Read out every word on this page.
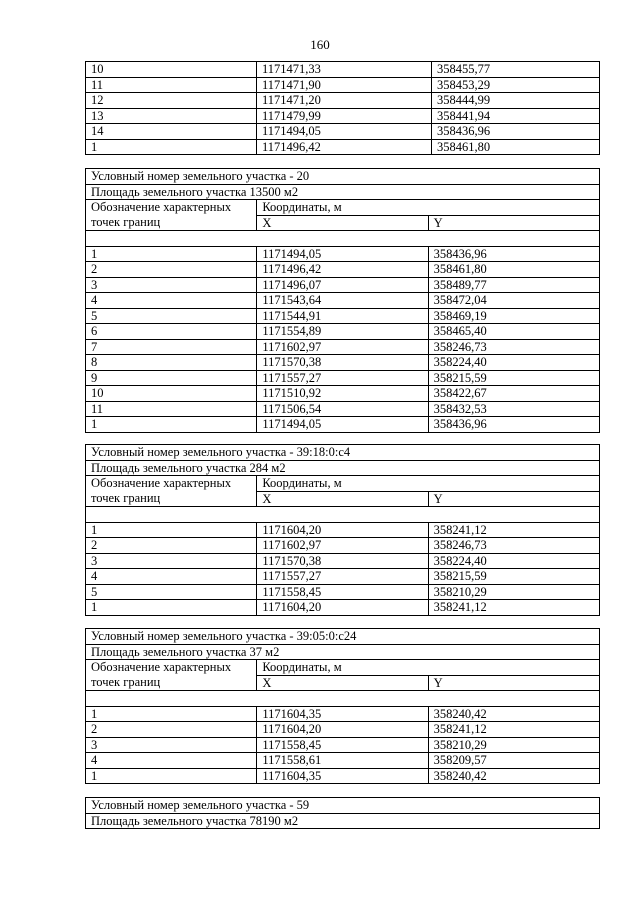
160
10	1171471,33	358455,77
11	1171471,90	358453,29
12	1171471,20	358444,99
13	1171479,99	358441,94
14	1171494,05	358436,96
1	1171496,42	358461,80
Условный номер земельного участка - 20		
Площадь земельного участка 13500 м2		
Обозначение характерных	Координаты, м	
точек границ	X	Y

1	1171494,05	358436,96
2	1171496,42	358461,80
3	1171496,07	358489,77
4	1171543,64	358472,04
5	1171544,91	358469,19
6	1171554,89	358465,40
7	1171602,97	358246,73
8	1171570,38	358224,40
9	1171557,27	358215,59
10	1171510,92	358422,67
11	1171506,54	358432,53
1	1171494,05	358436,96
Условный номер земельного участка - 39:18:0:с4		
Площадь земельного участка 284 м2		
Обозначение характерных	Координаты, м	
точек границ	X	Y

1	1171604,20	358241,12
2	1171602,97	358246,73
3	1171570,38	358224,40
4	1171557,27	358215,59
5	1171558,45	358210,29
1	1171604,20	358241,12
Условный номер земельного участка - 39:05:0:с24		
Площадь земельного участка 37 м2		
Обозначение характерных	Координаты, м	
точек границ	X	Y

1	1171604,35	358240,42
2	1171604,20	358241,12
3	1171558,45	358210,29
4	1171558,61	358209,57
1	1171604,35	358240,42
Условный номер земельного участка - 59
Площадь земельного участка 78190 м2
